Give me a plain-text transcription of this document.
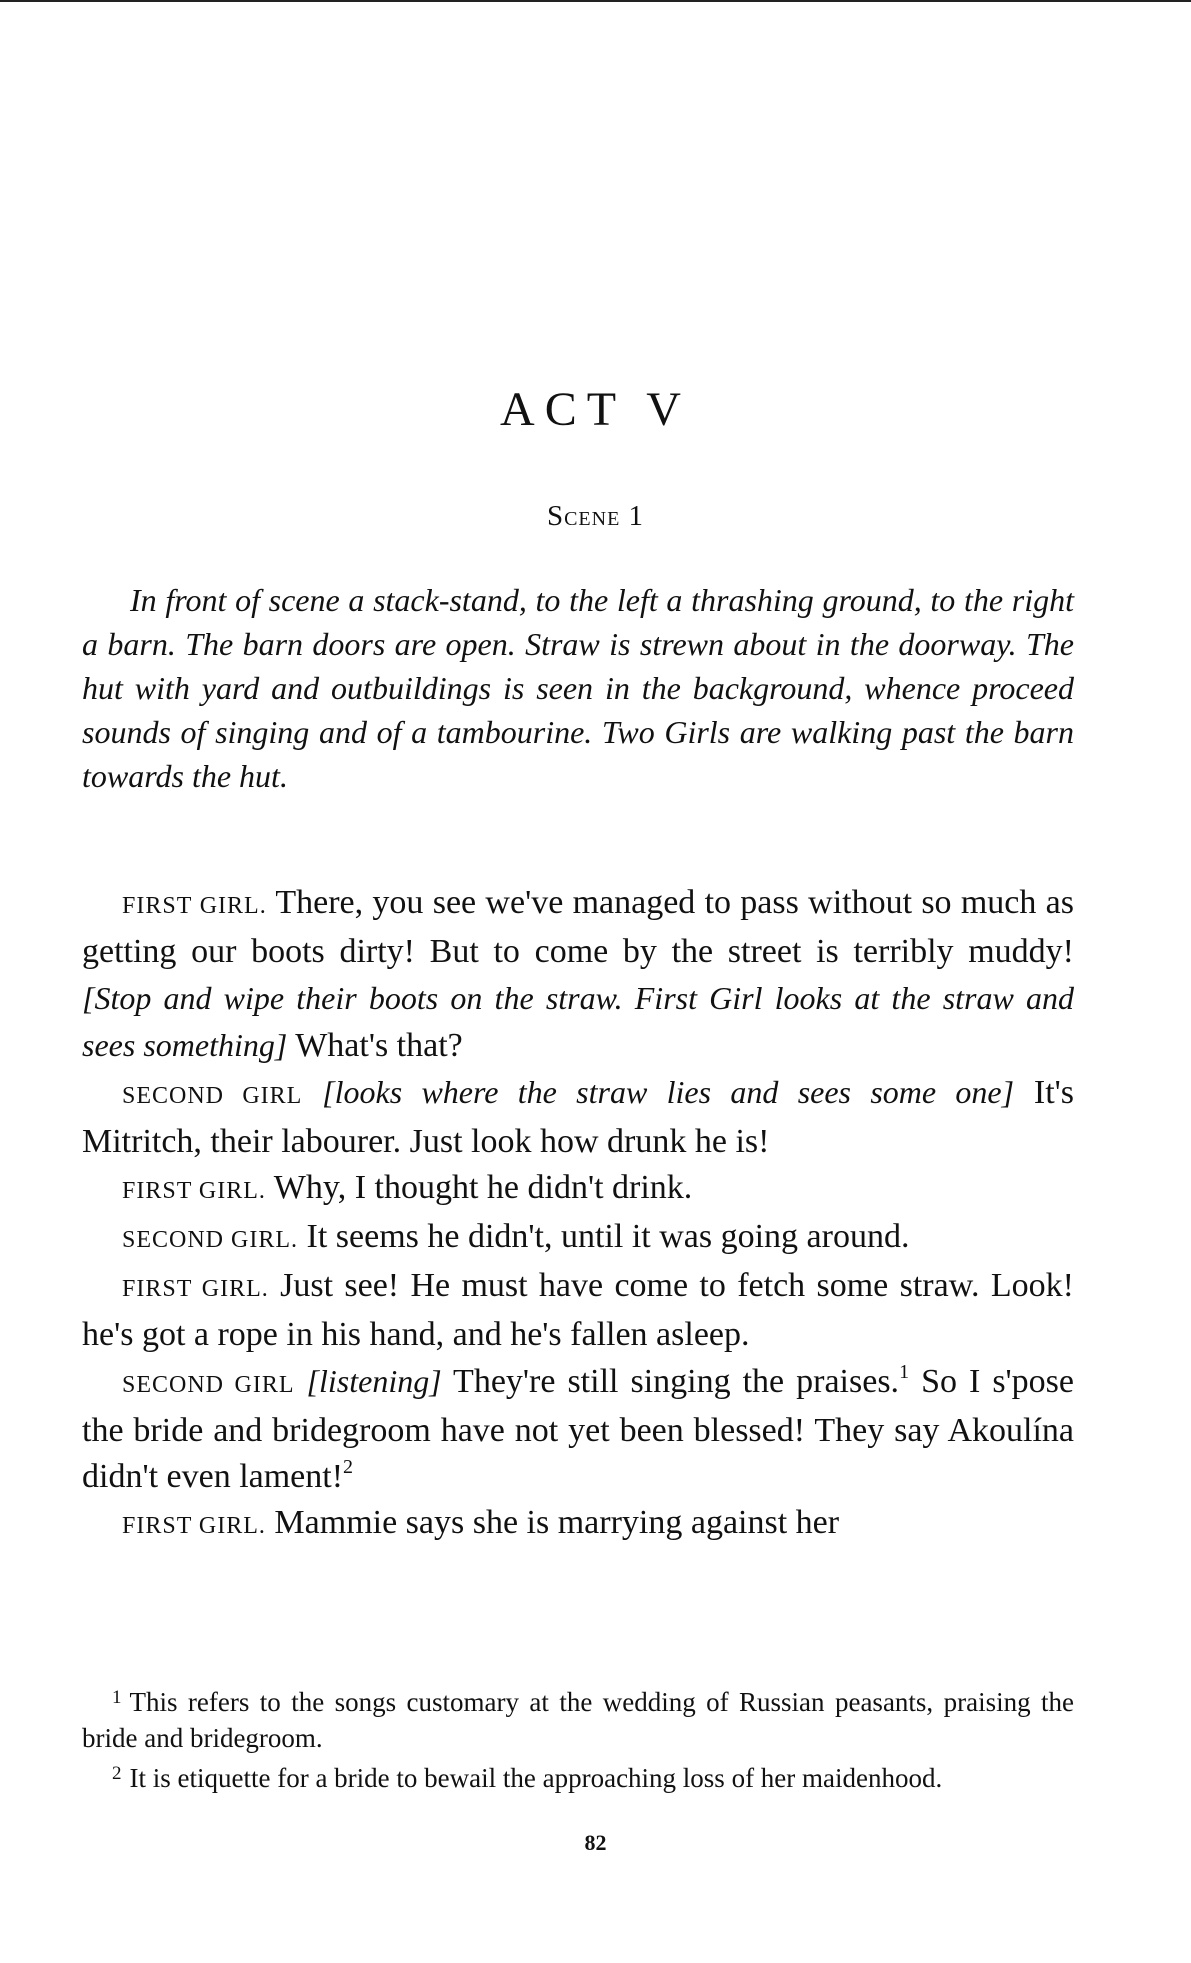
ACT V
Scene 1
In front of scene a stack-stand, to the left a thrashing ground, to the right a barn. The barn doors are open. Straw is strewn about in the doorway. The hut with yard and outbuildings is seen in the background, whence proceed sounds of singing and of a tambourine. Two Girls are walking past the barn towards the hut.

FIRST GIRL. There, you see we've managed to pass without so much as getting our boots dirty! But to come by the street is terribly muddy! [Stop and wipe their boots on the straw. First Girl looks at the straw and sees something] What's that?

SECOND GIRL [looks where the straw lies and sees some one] It's Mitritch, their labourer. Just look how drunk he is!

FIRST GIRL. Why, I thought he didn't drink.

SECOND GIRL. It seems he didn't, until it was going around.

FIRST GIRL. Just see! He must have come to fetch some straw. Look! he's got a rope in his hand, and he's fallen asleep.

SECOND GIRL [listening] They're still singing the praises.$^1$ So I s'pose the bride and bridegroom have not yet been blessed! They say Akoulína didn't even lament!$^2$

FIRST GIRL. Mammie says she is marrying against her

$^1$ This refers to the songs customary at the wedding of Russian peasants, praising the bride and bridegroom.

$^2$ It is etiquette for a bride to bewail the approaching loss of her maidenhood.

82
